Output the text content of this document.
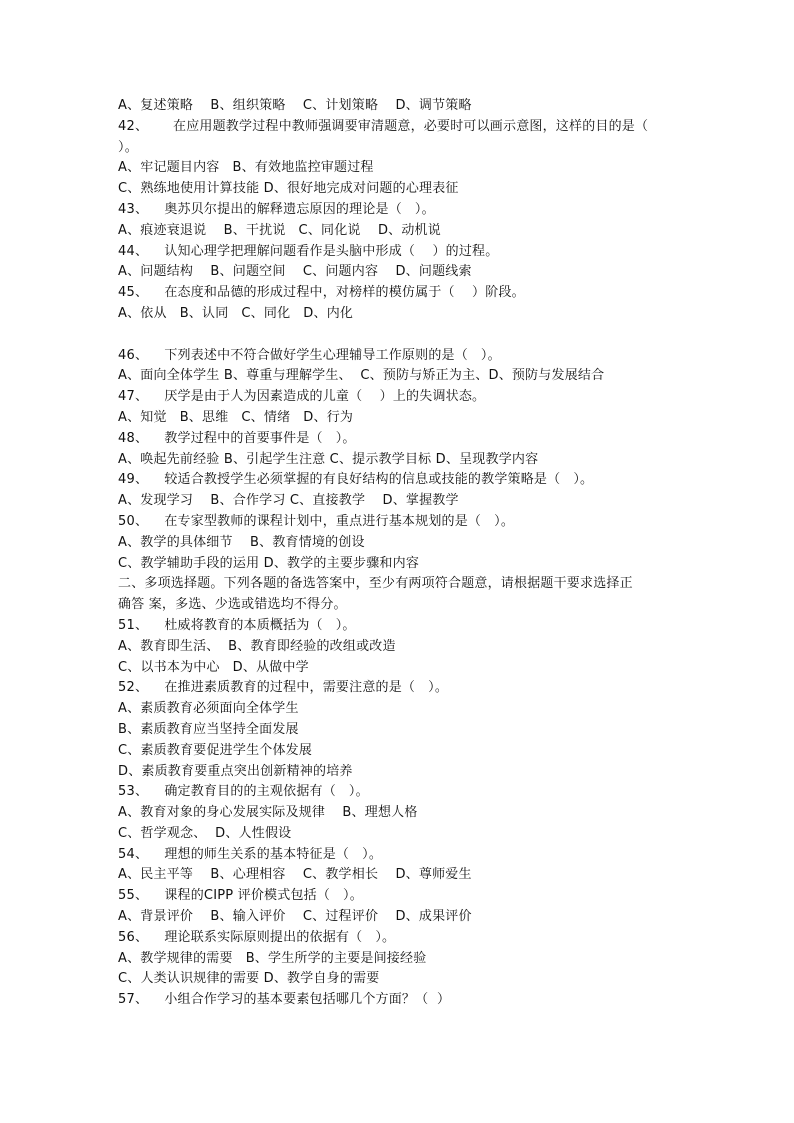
A、复述策略    B、组织策略    C、计划策略    D、调节策略
42、   在应用题教学过程中教师强调要审清题意，必要时可以画示意图，这样的目的是（
）。
A、牢记题目内容   B、有效地监控审题过程
C、熟练地使用计算技能 D、很好地完成对问题的心理表征
43、 奥苏贝尔提出的解释遗忘原因的理论是（   ）。
A、痕迹衰退说    B、干扰说   C、同化说    D、动机说
44、 认知心理学把理解问题看作是头脑中形成（    ）的过程。
A、问题结构    B、问题空间    C、问题内容    D、问题线索
45、 在态度和品德的形成过程中，对榜样的模仿属于（    ）阶段。
A、依从   B、认同   C、同化   D、内化
46、 下列表述中不符合做好学生心理辅导工作原则的是（   ）。
A、面向全体学生 B、尊重与理解学生、  C、预防与矫正为主、D、预防与发展结合
47、 厌学是由于人为因素造成的儿童（    ）上的失调状态。
A、知觉   B、思维   C、情绪   D、行为
48、 教学过程中的首要事件是（   ）。
A、唤起先前经验 B、引起学生注意 C、提示教学目标 D、呈现教学内容
49、 较适合教授学生必须掌握的有良好结构的信息或技能的教学策略是（   ）。
A、发现学习    B、合作学习 C、直接教学    D、掌握教学
50、 在专家型教师的课程计划中，重点进行基本规划的是（   ）。
A、教学的具体细节    B、教育情境的创设
C、教学辅助手段的运用 D、教学的主要步骤和内容
二、多项选择题。下列各题的备选答案中，至少有两项符合题意，请根据题干要求选择正
确答 案，多选、少选或错选均不得分。
51、 杜威将教育的本质概括为（   ）。
A、教育即生活、  B、教育即经验的改组或改造
C、以书本为中心   D、从做中学
52、 在推进素质教育的过程中，需要注意的是（   ）。
A、素质教育必须面向全体学生
B、素质教育应当坚持全面发展
C、素质教育要促进学生个体发展
D、素质教育要重点突出创新精神的培养
53、 确定教育目的的主观依据有（   ）。
A、教育对象的身心发展实际及规律    B、理想人格
C、哲学观念、  D、人性假设
54、 理想的师生关系的基本特征是（   ）。
A、民主平等    B、心理相容    C、教学相长    D、尊师爱生
55、 课程的CIPP 评价模式包括（   ）。
A、背景评价    B、输入评价    C、过程评价    D、成果评价
56、 理论联系实际原则提出的依据有（   ）。
A、教学规律的需要   B、学生所学的主要是间接经验
C、人类认识规律的需要 D、教学自身的需要
57、 小组合作学习的基本要素包括哪几个方面？（  ）
